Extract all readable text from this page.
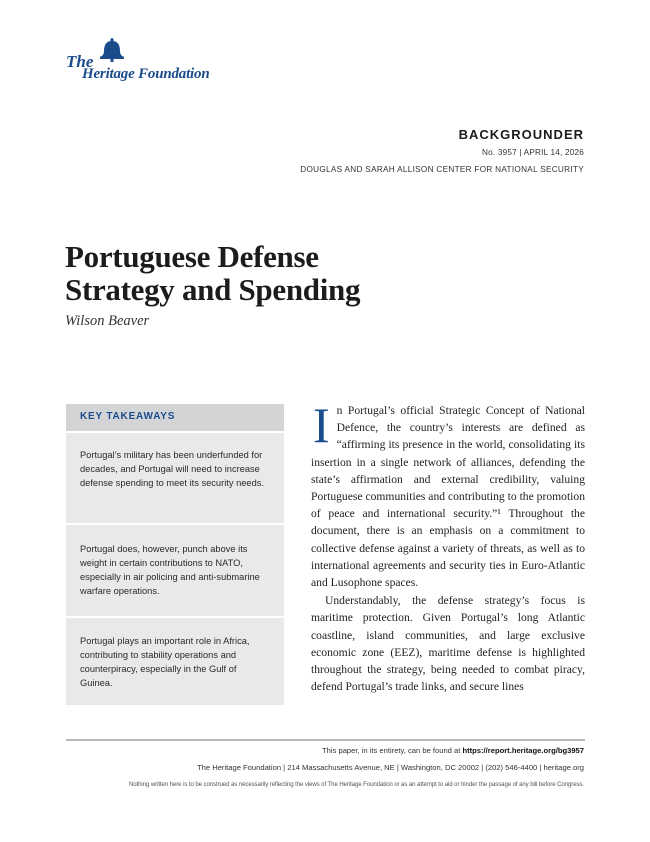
The
Heritage Foundation
BACKGROUNDER
No. 3957 | APRIL 14, 2026
DOUGLAS AND SARAH ALLISON CENTER FOR NATIONAL SECURITY
Portuguese Defense
Strategy and Spending
Wilson Beaver
KEY TAKEAWAYS
Portugal’s military has been underfunded for decades, and Portugal will need to increase defense spending to meet its security needs.
Portugal does, however, punch above its weight in certain contributions to NATO, especially in air policing and anti-submarine warfare operations.
Portugal plays an important role in Africa, contributing to stability operations and counterpiracy, especially in the Gulf of Guinea.

In Portugal’s official Strategic Concept of National Defence, the country’s interests are defined as “affirming its presence in the world, consolidating its insertion in a single network of alliances, defending the state’s affirmation and external credibility, valuing Portuguese communities and contributing to the promotion of peace and international security.”¹ Throughout the document, there is an emphasis on a commitment to collective defense against a variety of threats, as well as to international agreements and security ties in Euro-Atlantic and Lusophone spaces.

Understandably, the defense strategy’s focus is maritime protection. Given Portugal’s long Atlantic coastline, island communities, and large exclusive economic zone (EEZ), maritime defense is highlighted throughout the strategy, being needed to combat piracy, defend Portugal’s trade links, and secure lines

This paper, in its entirety, can be found at https://report.heritage.org/bg3957
The Heritage Foundation | 214 Massachusetts Avenue, NE | Washington, DC 20002 | (202) 546-4400 | heritage.org
Nothing written here is to be construed as necessarily reflecting the views of The Heritage Foundation or as an attempt to aid or hinder the passage of any bill before Congress.
